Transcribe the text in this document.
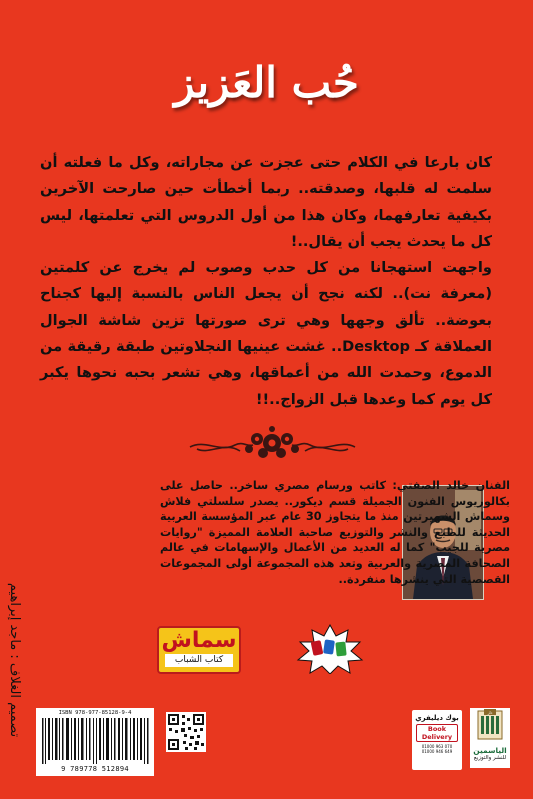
تصميم الغلاف : ماجد إبراهيم
حُب العَزيز

كان بارعا في الكلام حتى عجزت عن مجاراته، وكل ما فعلته أن سلمت له قلبها، وصدقته.. ربما أخطأت حين صارحت الآخرين بكيفية تعارفهما، وكان هذا من أول الدروس التي تعلمتها، ليس كل ما يحدث يجب أن يقال..!

واجهت استهجانا من كل حدب وصوب لم يخرج عن كلمتين (معرفة نت).. لكنه نجح أن يجعل الناس بالنسبة إليها كجناح بعوضة.. تألق وجهها وهي ترى صورتها تزين شاشة الجوال العملاقة كـ Desktop.. غشت عينيها النجلاوتين طبقة رقيقة من الدموع، وحمدت الله من أعماقها، وهي تشعر بحبه نحوها يكبر كل يوم كما وعدها قبل الزواج..!!

الفنان خالد الصفتي: كاتب ورسام مصري ساخر.. حاصل على بكالوريوس الفنون الجميلة قسم ديكور.. يصدر سلسلتي فلاش وسماش الشهيرتين منذ ما يتجاوز 30 عام عبر المؤسسة العربية الحديثة للطبع والنشر والتوزيع صاحبة العلامة المميزة "روايات مصرية للجيب" كما له العديد من الأعمال والإسهامات في عالم الصحافة المصرية والعربية وتعد هذه المجموعة أولى المجموعات القصصية التي ينشرها منفردة..
سماش
كتاب الشباب
ISBN 978-977-85128-9-4
9 789778 512894
بوك ديليفري
Book
Delivery
01000 963 070
01000 946 649
دار
الياسمين
للنشر والتوزيع
